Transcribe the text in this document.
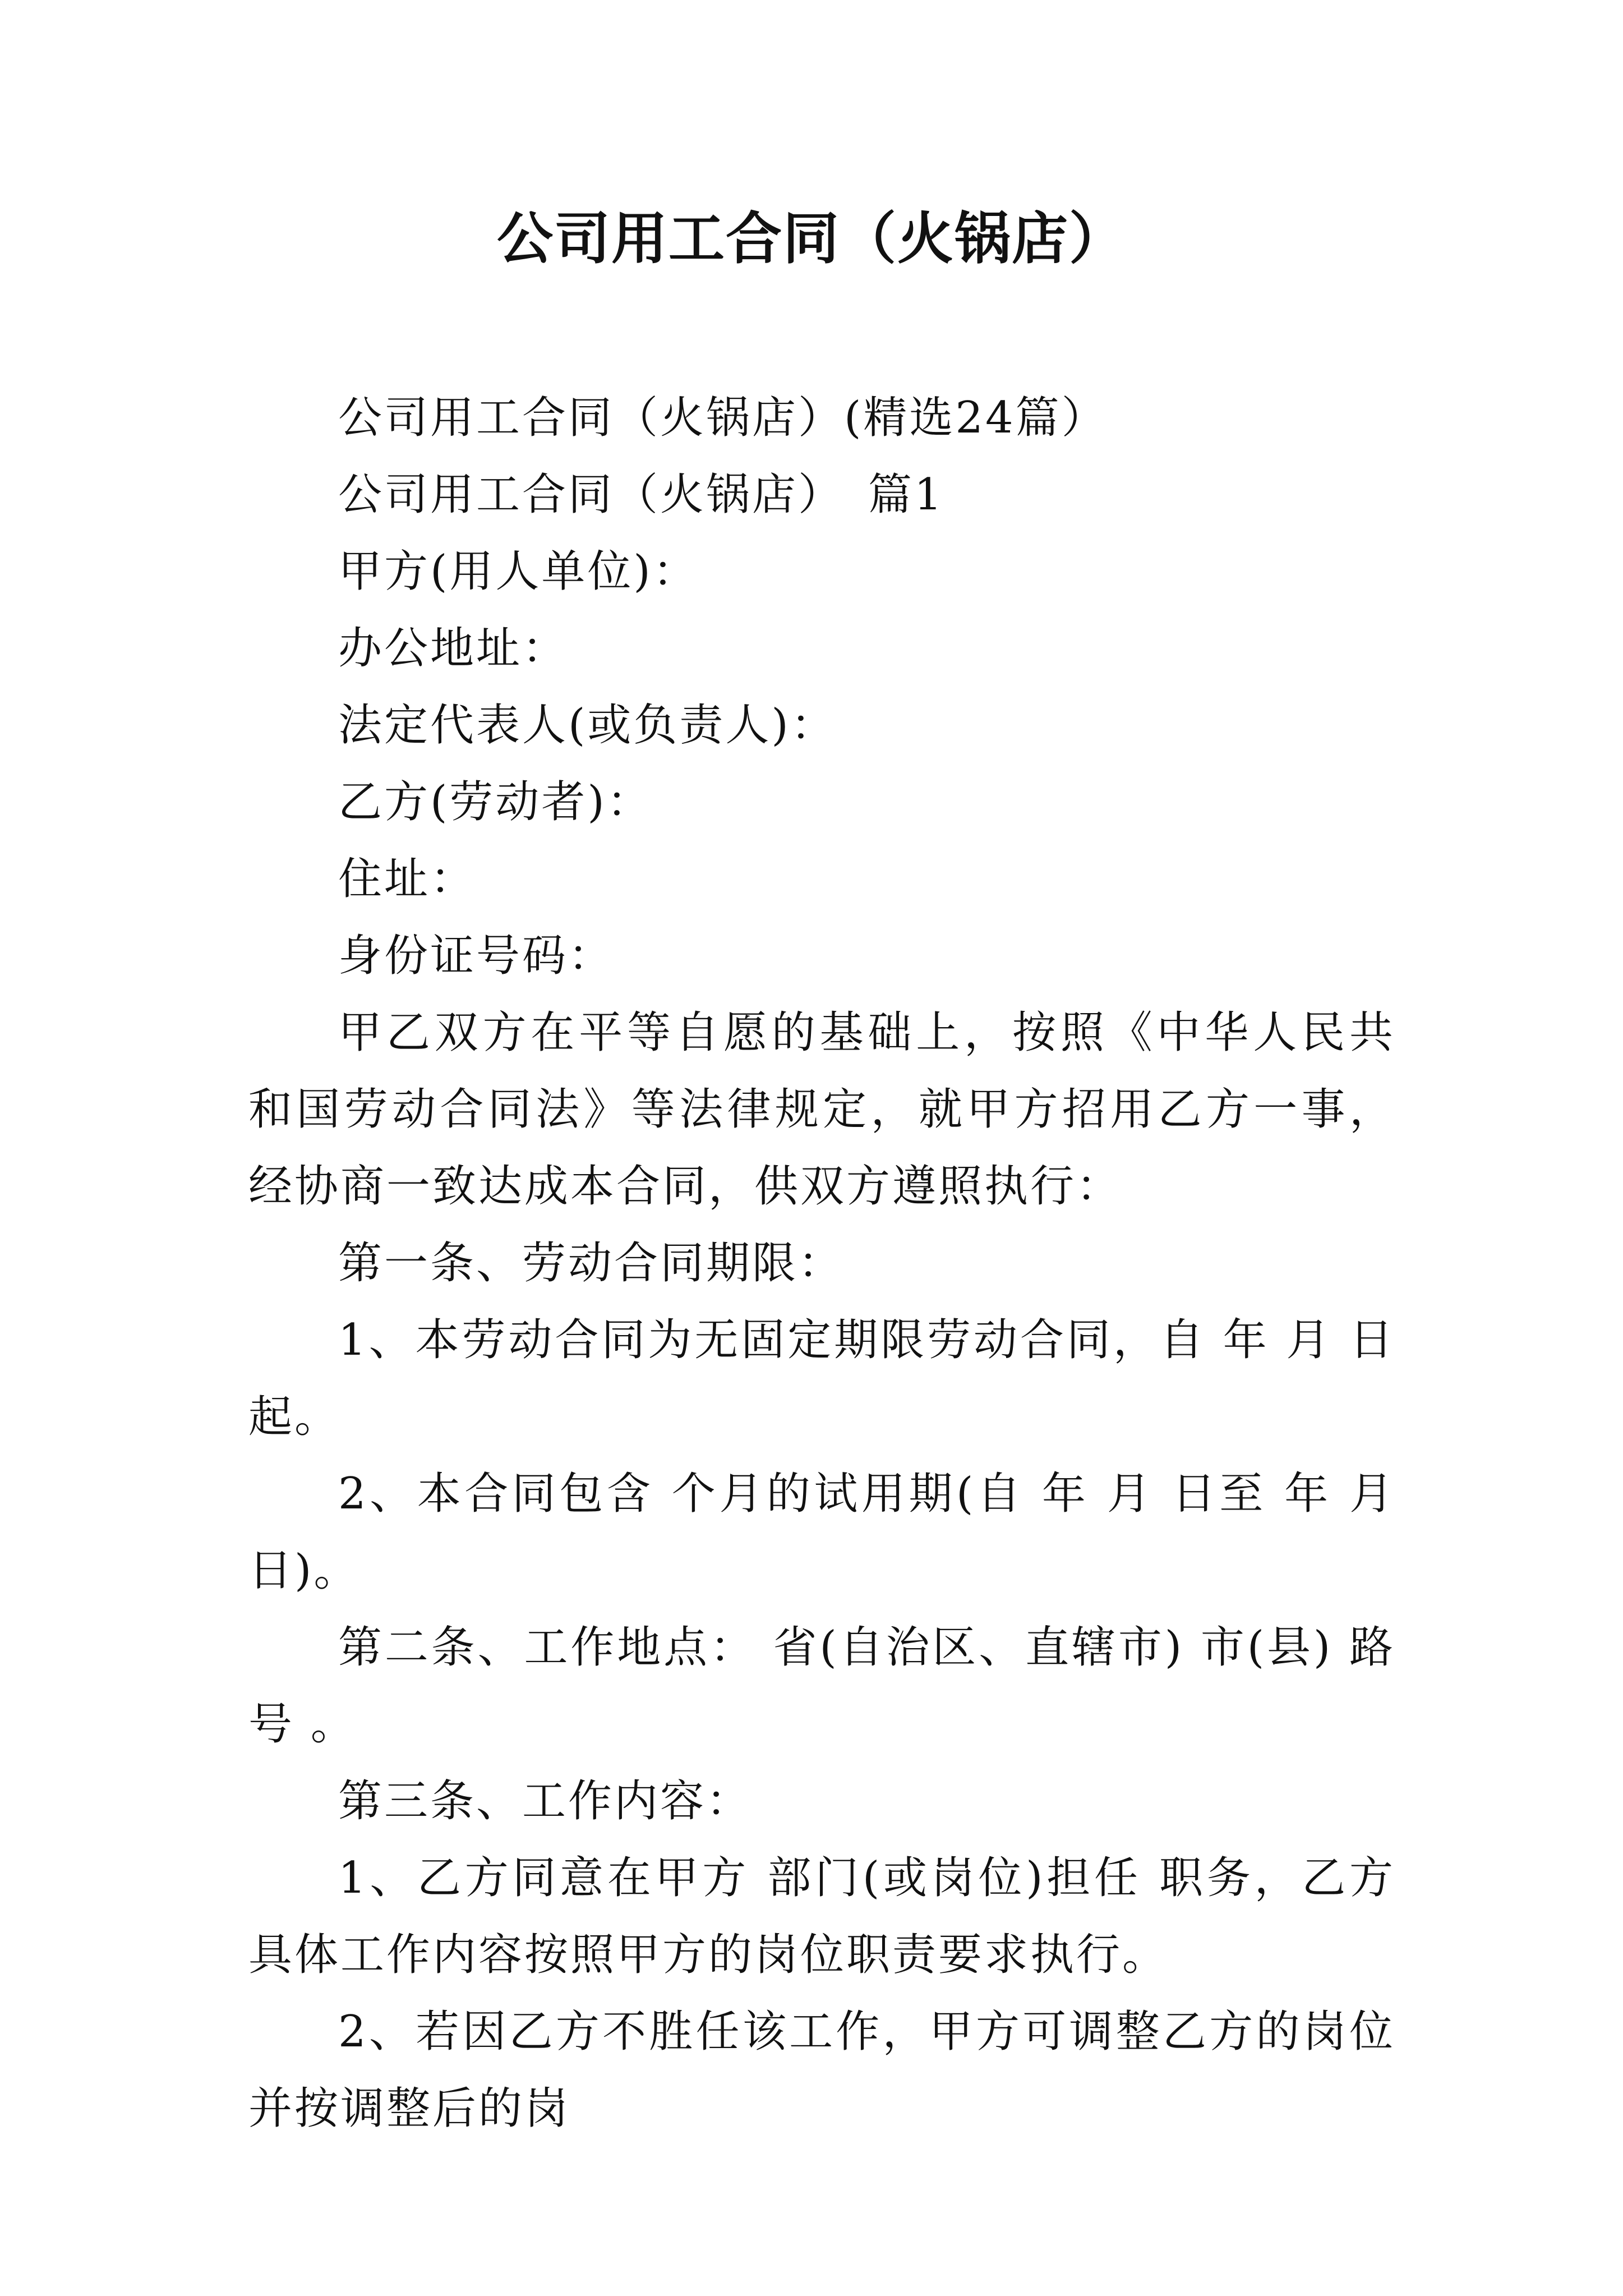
公司用工合同（火锅店）

公司用工合同（火锅店）(精选24篇）

公司用工合同（火锅店）　篇1

甲方(用人单位)：

办公地址：

法定代表人(或负责人)：

乙方(劳动者)：

住址：

身份证号码：

甲乙双方在平等自愿的基础上，按照《中华人民共和国劳动合同法》等法律规定，就甲方招用乙方一事，经协商一致达成本合同，供双方遵照执行：

第一条、劳动合同期限：

1、本劳动合同为无固定期限劳动合同，自 年 月 日起。

2、本合同包含 个月的试用期(自 年 月 日至 年 月 日)。

第二条、工作地点： 省(自治区、直辖市) 市(县) 路 号 。

第三条、工作内容：

1、乙方同意在甲方 部门(或岗位)担任 职务，乙方具体工作内容按照甲方的岗位职责要求执行。

2、若因乙方不胜任该工作，甲方可调整乙方的岗位并按调整后的岗
